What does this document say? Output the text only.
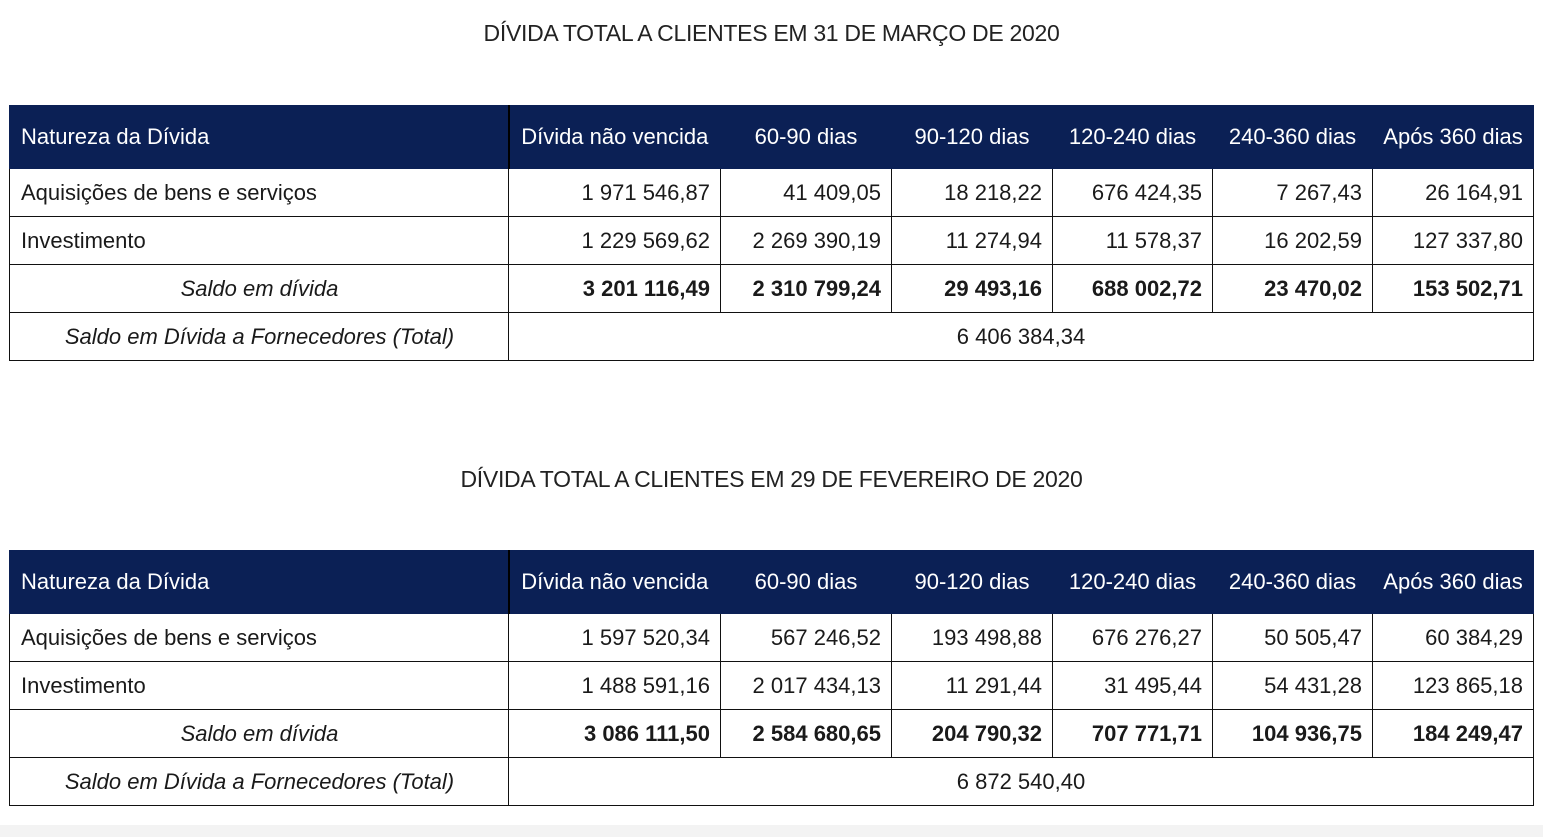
DÍVIDA TOTAL A CLIENTES EM 31 DE MARÇO DE 2020
Natureza da Dívida	Dívida não vencida	60-90 dias	90-120 dias	120-240 dias	240-360 dias	Após 360 dias
Aquisições de bens e serviços	1 971 546,87	41 409,05	18 218,22	676 424,35	7 267,43	26 164,91
Investimento	1 229 569,62	2 269 390,19	11 274,94	11 578,37	16 202,59	127 337,80
Saldo em dívida	3 201 116,49	2 310 799,24	29 493,16	688 002,72	23 470,02	153 502,71
Saldo em Dívida a Fornecedores (Total)	6 406 384,34					
DÍVIDA TOTAL A CLIENTES EM 29 DE FEVEREIRO DE 2020
Natureza da Dívida	Dívida não vencida	60-90 dias	90-120 dias	120-240 dias	240-360 dias	Após 360 dias
Aquisições de bens e serviços	1 597 520,34	567 246,52	193 498,88	676 276,27	50 505,47	60 384,29
Investimento	1 488 591,16	2 017 434,13	11 291,44	31 495,44	54 431,28	123 865,18
Saldo em dívida	3 086 111,50	2 584 680,65	204 790,32	707 771,71	104 936,75	184 249,47
Saldo em Dívida a Fornecedores (Total)	6 872 540,40					
